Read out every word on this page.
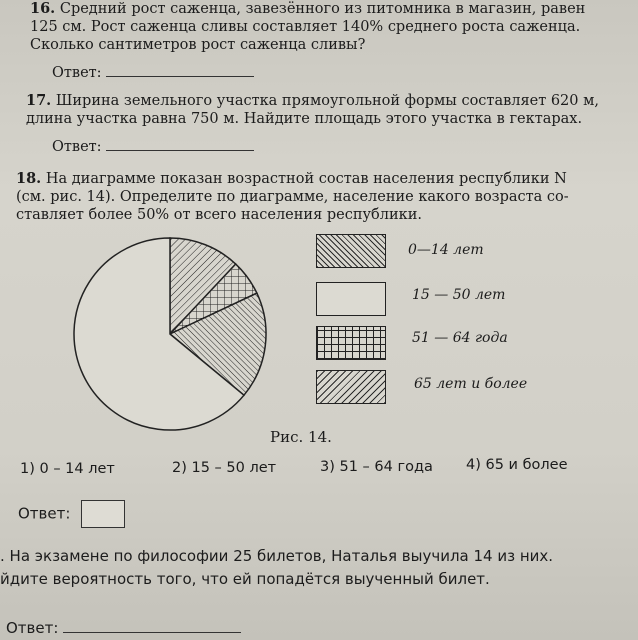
16. Средний рост саженца, завезённого из питомника в магазин, равен
125 см. Рост саженца сливы составляет 140% среднего роста саженца.
Сколько сантиметров рост саженца сливы?
Ответ:
17. Ширина земельного участка прямоугольной формы составляет 620 м,
длина участка равна 750 м. Найдите площадь этого участка в гектарах.
Ответ:
18. На диаграмме показан возрастной состав населения республики N
(см. рис. 14). Определите по диаграмме, население какого возраста со-
ставляет более 50% от всего населения республики.
0—14 лет
15 — 50 лет
51 — 64 года
65 лет и более
Рис. 14.
1) 0 – 14 лет	2) 15 – 50 лет	3) 51 – 64 года 4) 65 и более
Ответ:
. На экзамене по философии 25 билетов, Наталья выучила 14 из них.
йдите вероятность того, что ей попадётся выученный билет.
Ответ:
